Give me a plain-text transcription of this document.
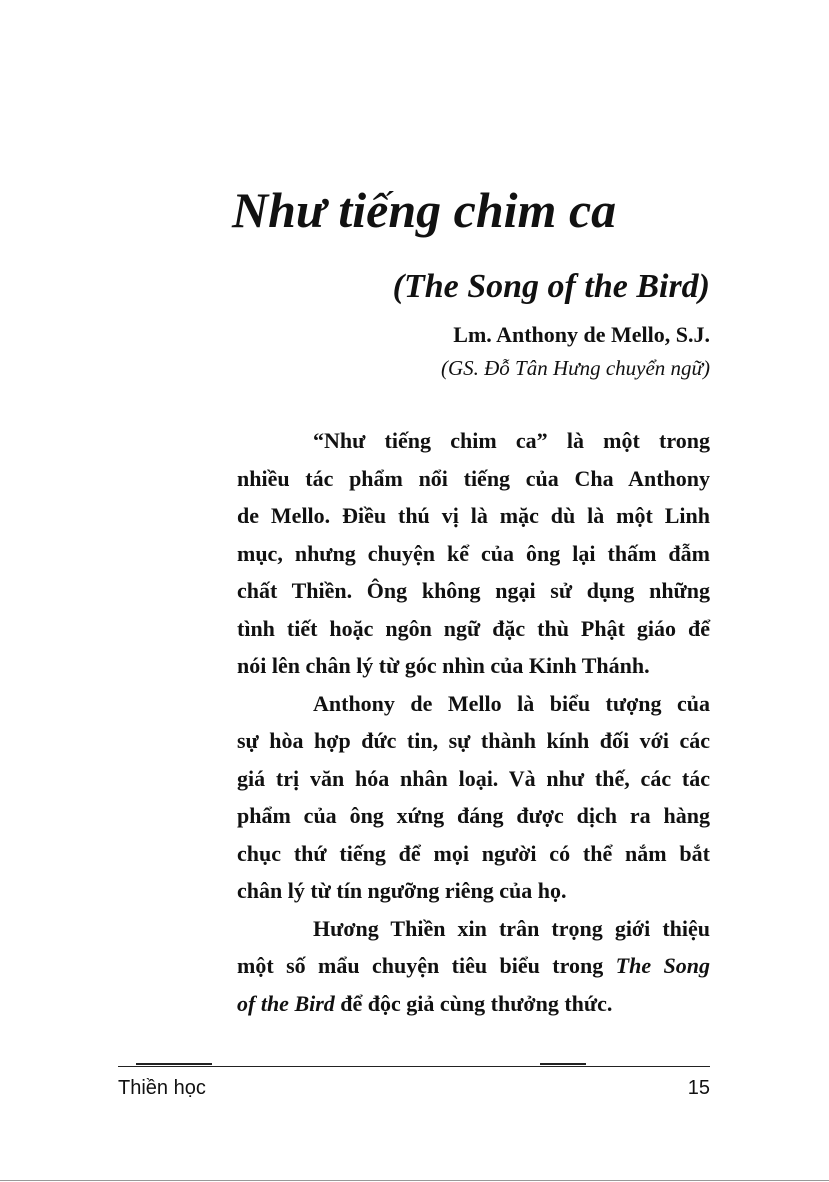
Như tiếng chim ca
(The Song of the Bird)
Lm. Anthony de Mello, S.J.
(GS. Đỗ Tân Hưng chuyển ngữ)
“Như tiếng chim ca” là một trong
nhiều tác phẩm nổi tiếng của Cha Anthony
de Mello. Điều thú vị là mặc dù là một Linh
mục, nhưng chuyện kể của ông lại thấm đẫm
chất Thiền. Ông không ngại sử dụng những
tình tiết hoặc ngôn ngữ đặc thù Phật giáo để
nói lên chân lý từ góc nhìn của Kinh Thánh.
Anthony de Mello là biểu tượng của
sự hòa hợp đức tin, sự thành kính đối với các
giá trị văn hóa nhân loại. Và như thế, các tác
phẩm của ông xứng đáng được dịch ra hàng
chục thứ tiếng để mọi người có thể nắm bắt
chân lý từ tín ngưỡng riêng của họ.
Hương Thiền xin trân trọng giới thiệu
một số mẩu chuyện tiêu biểu trong The Song
of the Bird để độc giả cùng thưởng thức.
Thiền học	15
